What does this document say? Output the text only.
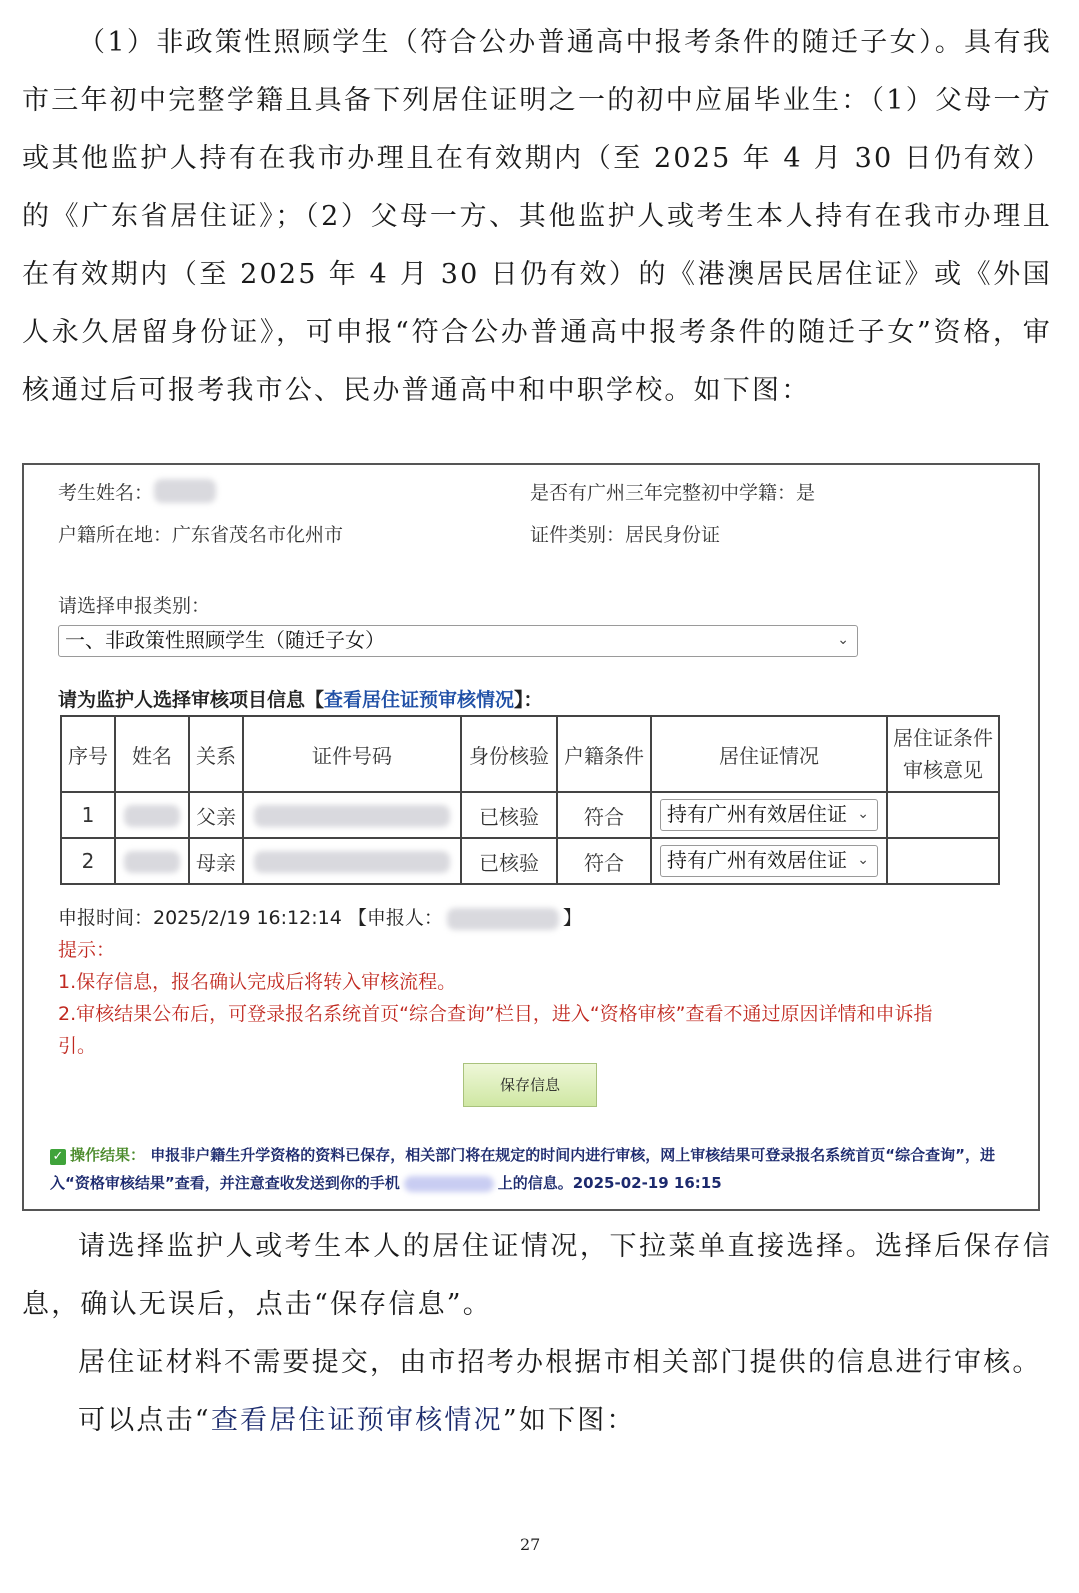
（1）非政策性照顾学生（符合公办普通高中报考条件的随迁子女）。具有我市三年初中完整学籍且具备下列居住证明之一的初中应届毕业生：（1）父母一方或其他监护人持有在我市办理且在有效期内（至 2025 年 4 月 30 日仍有效）的《广东省居住证》；（2）父母一方、其他监护人或考生本人持有在我市办理且在有效期内（至 2025 年 4 月 30 日仍有效）的《港澳居民居住证》或《外国人永久居留身份证》，可申报“符合公办普通高中报考条件的随迁子女”资格，审核通过后可报考我市公、民办普通高中和中职学校。如下图：

考生姓名：	是否有广州三年完整初中学籍：是
户籍所在地：广东省茂名市化州市	证件类别：居民身份证
请选择申报类别：
一、非政策性照顾学生（随迁子女）	⌄
请为监护人选择审核项目信息【查看居住证预审核情况】：
序号	姓名	关系	证件号码	身份核验	户籍条件	居住证情况	居住证条件审核意见
1		父亲		已核验	符合	持有广州有效居住证 ⌄	

2		母亲		已核验	符合	持有广州有效居住证 ⌄	

申报时间：2025/2/19 16:12:14 【申报人：	】
提示：
1.保存信息，报名确认完成后将转入审核流程。
2.审核结果公布后，可登录报名系统首页“综合查询”栏目，进入“资格审核”查看不通过原因详情和申诉指
引。
保存信息
✓ 操作结果： 申报非户籍生升学资格的资料已保存，相关部门将在规定的时间内进行审核，网上审核结果可登录报名系统首页“综合查询”，进入“资格审核结果”查看，并注意查收发送到你的手机	上的信息。2025-02-19 16:15

请选择监护人或考生本人的居住证情况，下拉菜单直接选择。选择后保存信息，确认无误后，点击“保存信息”。

居住证材料不需要提交，由市招考办根据市相关部门提供的信息进行审核。

可以点击“查看居住证预审核情况”如下图：

27
